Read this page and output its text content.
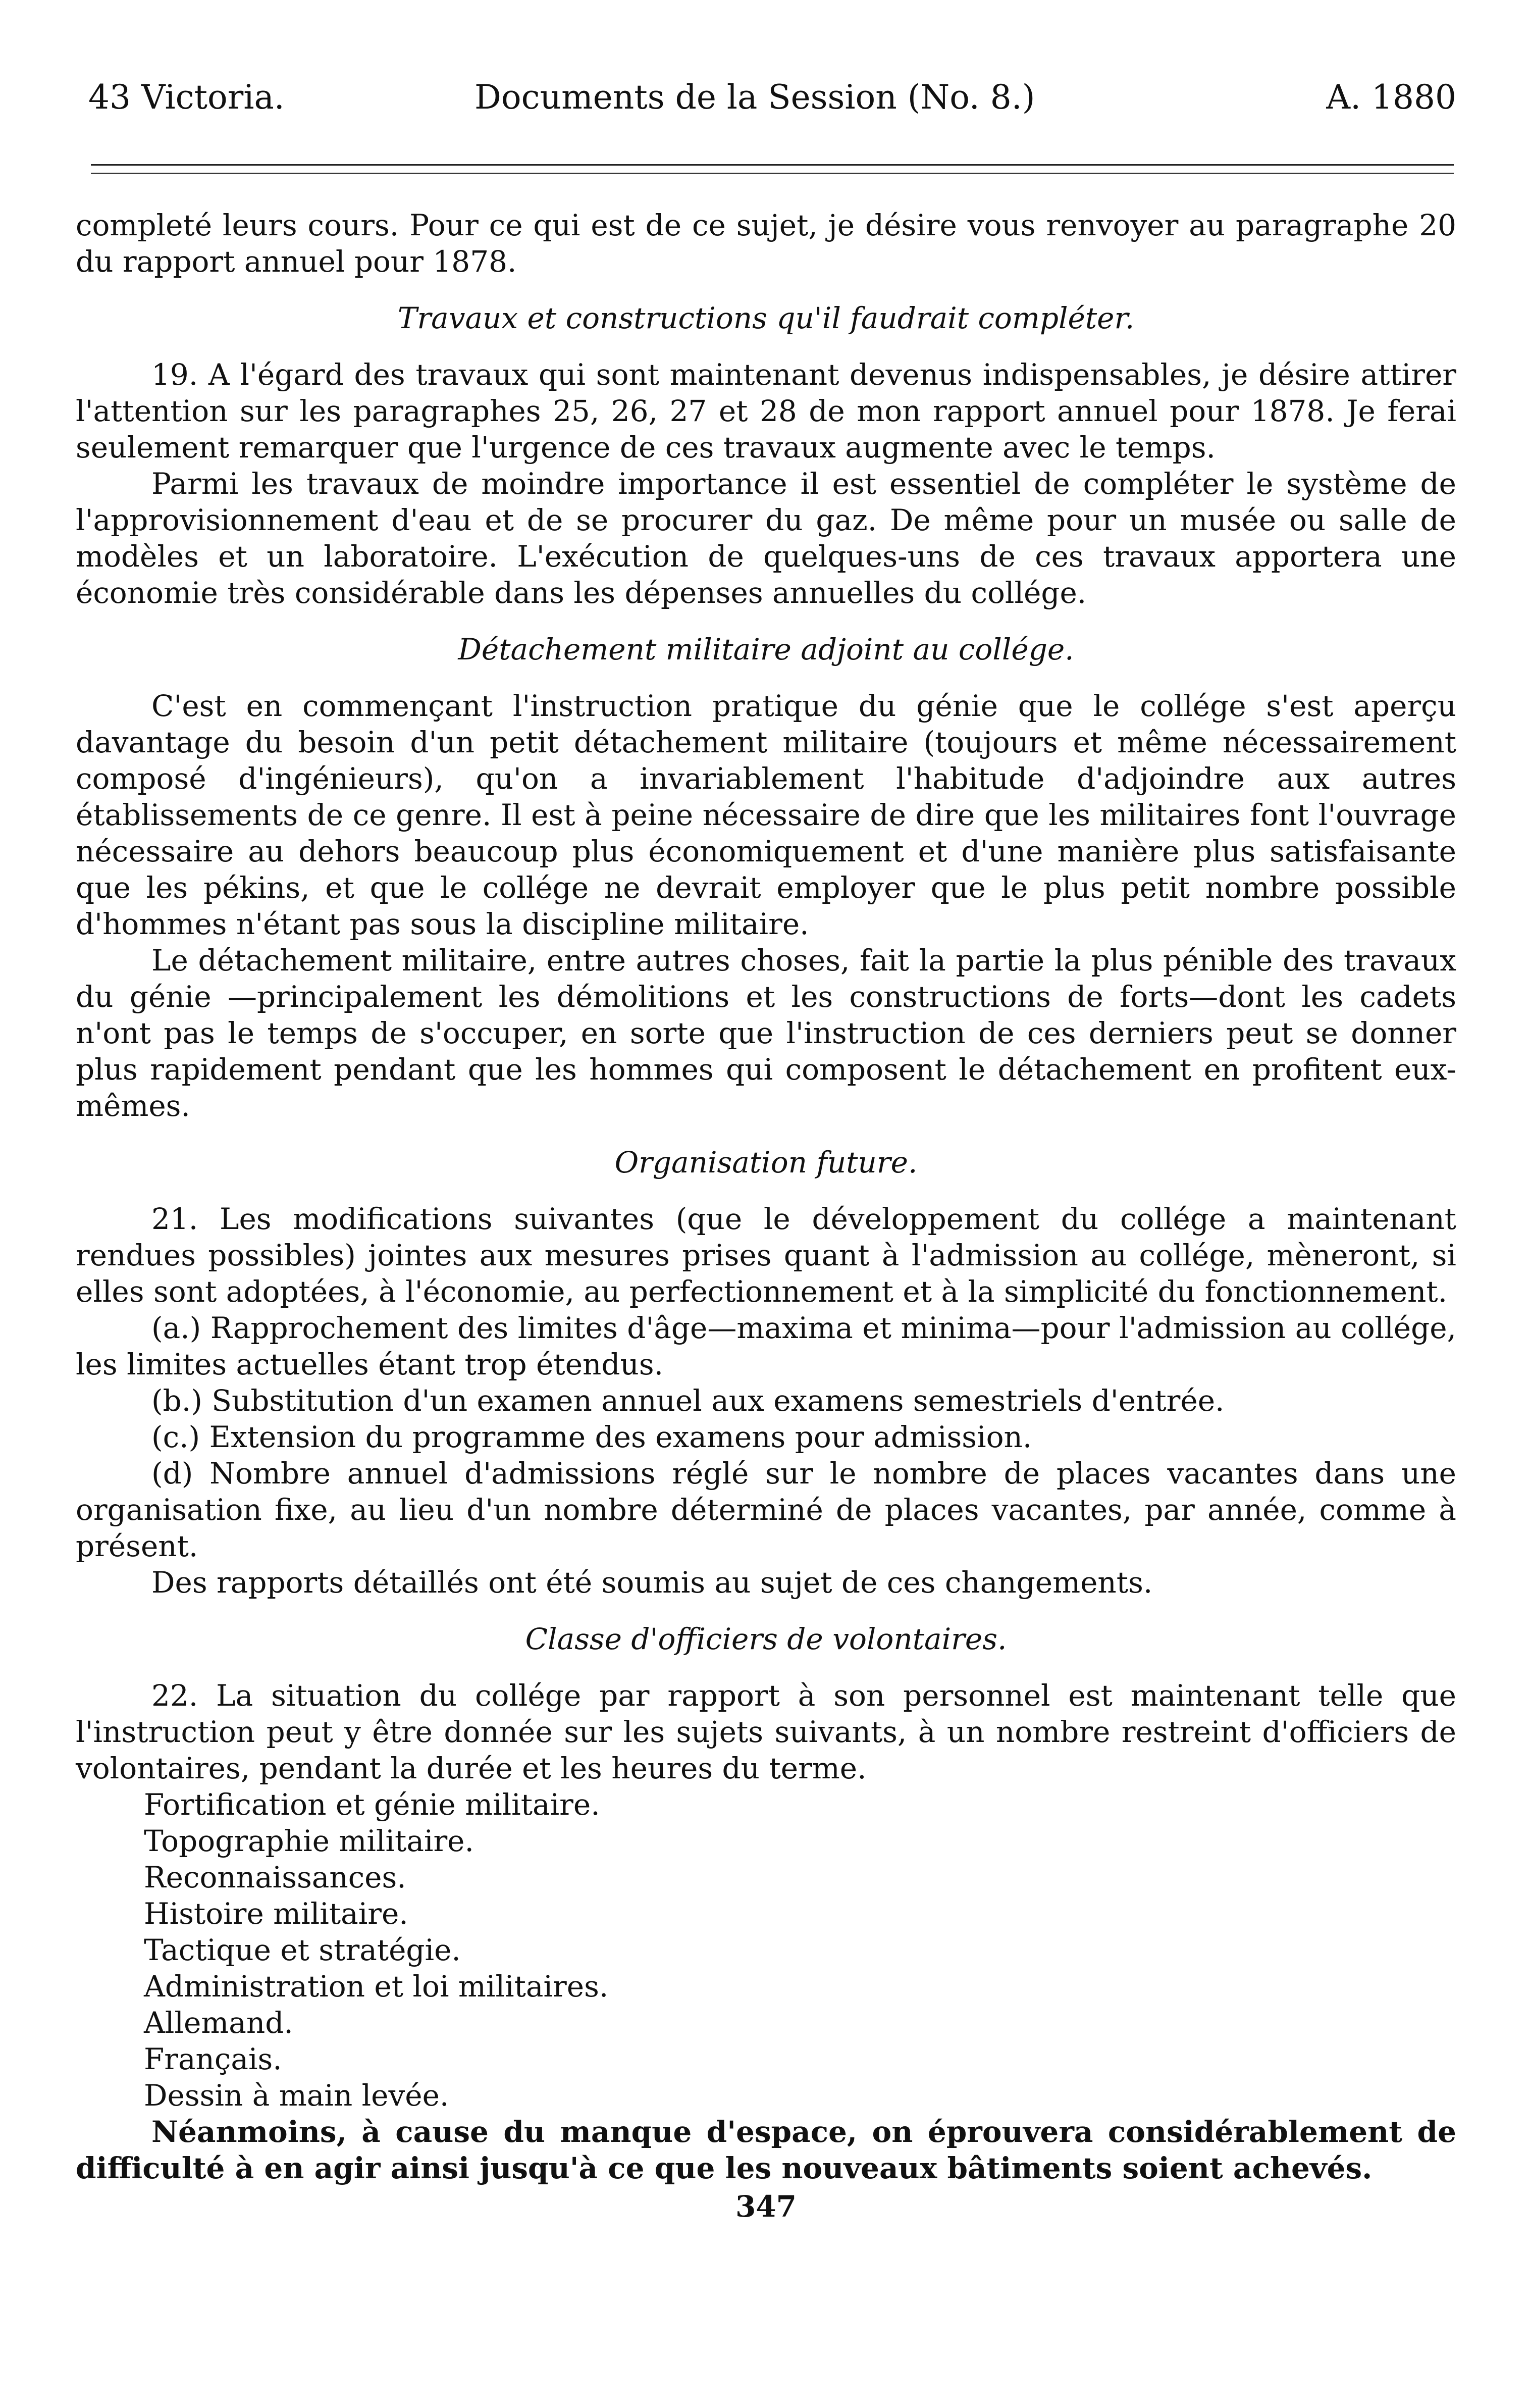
43 Victoria.	Documents de la Session (No. 8.)	A. 1880

completé leurs cours. Pour ce qui est de ce sujet, je désire vous renvoyer au paragraphe 20 du rapport annuel pour 1878.

Travaux et constructions qu'il faudrait compléter.

19. A l'égard des travaux qui sont maintenant devenus indispensables, je désire attirer l'attention sur les paragraphes 25, 26, 27 et 28 de mon rapport annuel pour 1878. Je ferai seulement remarquer que l'urgence de ces travaux augmente avec le temps.

Parmi les travaux de moindre importance il est essentiel de compléter le système de l'approvisionnement d'eau et de se procurer du gaz. De même pour un musée ou salle de modèles et un laboratoire. L'exécution de quelques-uns de ces travaux apportera une économie très considérable dans les dépenses annuelles du collége.

Détachement militaire adjoint au collége.

C'est en commençant l'instruction pratique du génie que le collége s'est aperçu davantage du besoin d'un petit détachement militaire (toujours et même nécessairement composé d'ingénieurs), qu'on a invariablement l'habitude d'adjoindre aux autres établissements de ce genre. Il est à peine nécessaire de dire que les militaires font l'ouvrage nécessaire au dehors beaucoup plus économiquement et d'une manière plus satisfaisante que les pékins, et que le collége ne devrait employer que le plus petit nombre possible d'hommes n'étant pas sous la discipline militaire.

Le détachement militaire, entre autres choses, fait la partie la plus pénible des travaux du génie —principalement les démolitions et les constructions de forts—dont les cadets n'ont pas le temps de s'occuper, en sorte que l'instruction de ces derniers peut se donner plus rapidement pendant que les hommes qui composent le détachement en profitent eux-mêmes.

Organisation future.

21. Les modifications suivantes (que le développement du collége a maintenant rendues possibles) jointes aux mesures prises quant à l'admission au collége, mèneront, si elles sont adoptées, à l'économie, au perfectionnement et à la simplicité du fonctionnement.

(a.) Rapprochement des limites d'âge—maxima et minima—pour l'admission au collége, les limites actuelles étant trop étendus.

(b.) Substitution d'un examen annuel aux examens semestriels d'entrée.

(c.) Extension du programme des examens pour admission.

(d) Nombre annuel d'admissions réglé sur le nombre de places vacantes dans une organisation fixe, au lieu d'un nombre déterminé de places vacantes, par année, comme à présent.

Des rapports détaillés ont été soumis au sujet de ces changements.

Classe d'officiers de volontaires.

22. La situation du collége par rapport à son personnel est maintenant telle que l'instruction peut y être donnée sur les sujets suivants, à un nombre restreint d'officiers de volontaires, pendant la durée et les heures du terme.

Fortification et génie militaire.

Topographie militaire.

Reconnaissances.

Histoire militaire.

Tactique et stratégie.

Administration et loi militaires.

Allemand.

Français.

Dessin à main levée.

Néanmoins, à cause du manque d'espace, on éprouvera considérablement de difficulté à en agir ainsi jusqu'à ce que les nouveaux bâtiments soient achevés.

347
